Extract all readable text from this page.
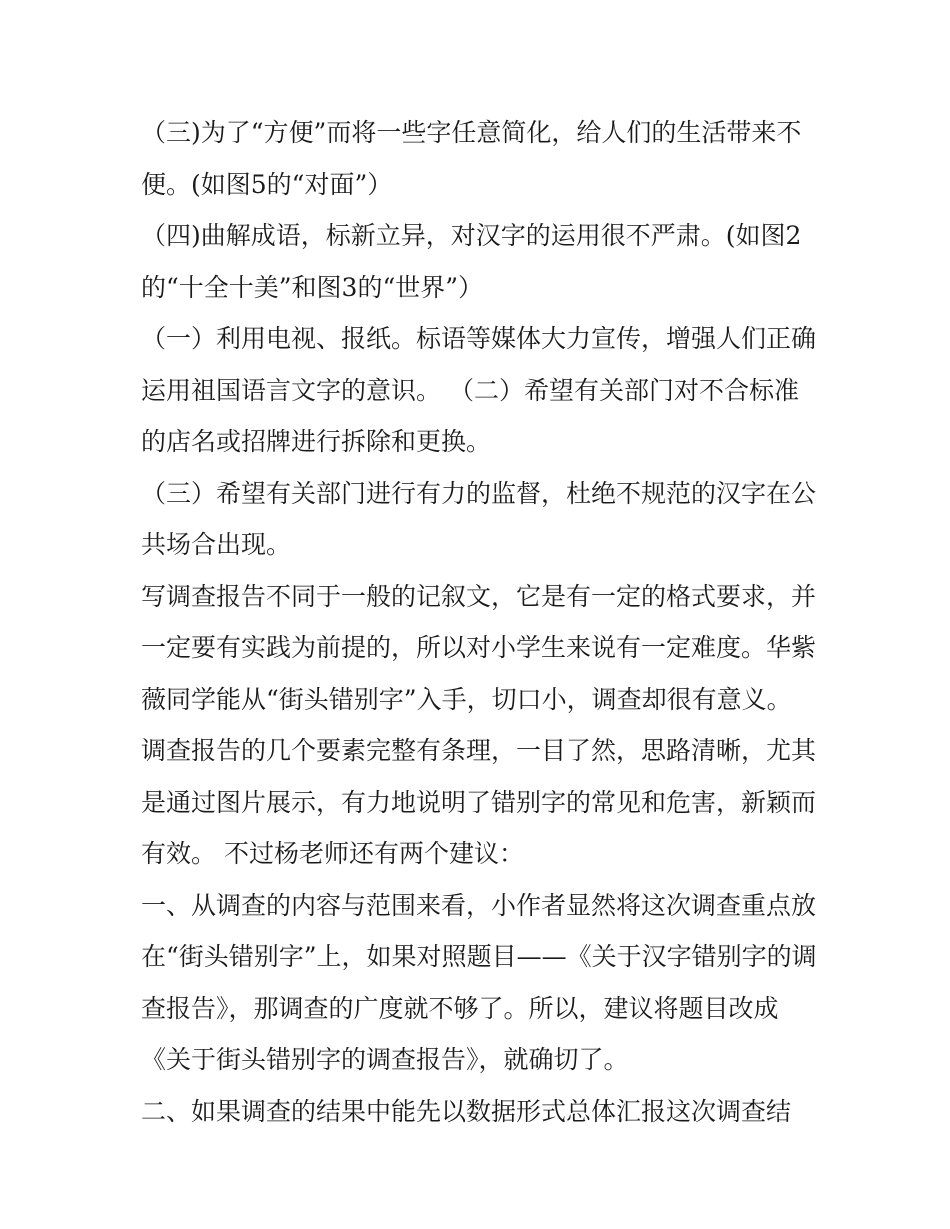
（三)为了“方便”而将一些字任意简化，给人们的生活带来不
便。(如图5的“对面”）
（四)曲解成语，标新立异，对汉字的运用很不严肃。(如图2
的“十全十美”和图3的“世界”）
（一）利用电视、报纸。标语等媒体大力宣传，增强人们正确
运用祖国语言文字的意识。 （二）希望有关部门对不合标准
的店名或招牌进行拆除和更换。
（三）希望有关部门进行有力的监督，杜绝不规范的汉字在公
共场合出现。
写调查报告不同于一般的记叙文，它是有一定的格式要求，并
一定要有实践为前提的，所以对小学生来说有一定难度。华紫
薇同学能从“街头错别字”入手，切口小，调查却很有意义。
调查报告的几个要素完整有条理，一目了然，思路清晰，尤其
是通过图片展示，有力地说明了错别字的常见和危害，新颖而
有效。 不过杨老师还有两个建议：
一、从调查的内容与范围来看，小作者显然将这次调查重点放
在“街头错别字”上，如果对照题目——《关于汉字错别字的调
查报告》，那调查的广度就不够了。所以，建议将题目改成
《关于街头错别字的调查报告》，就确切了。
二、如果调查的结果中能先以数据形式总体汇报这次调查结
